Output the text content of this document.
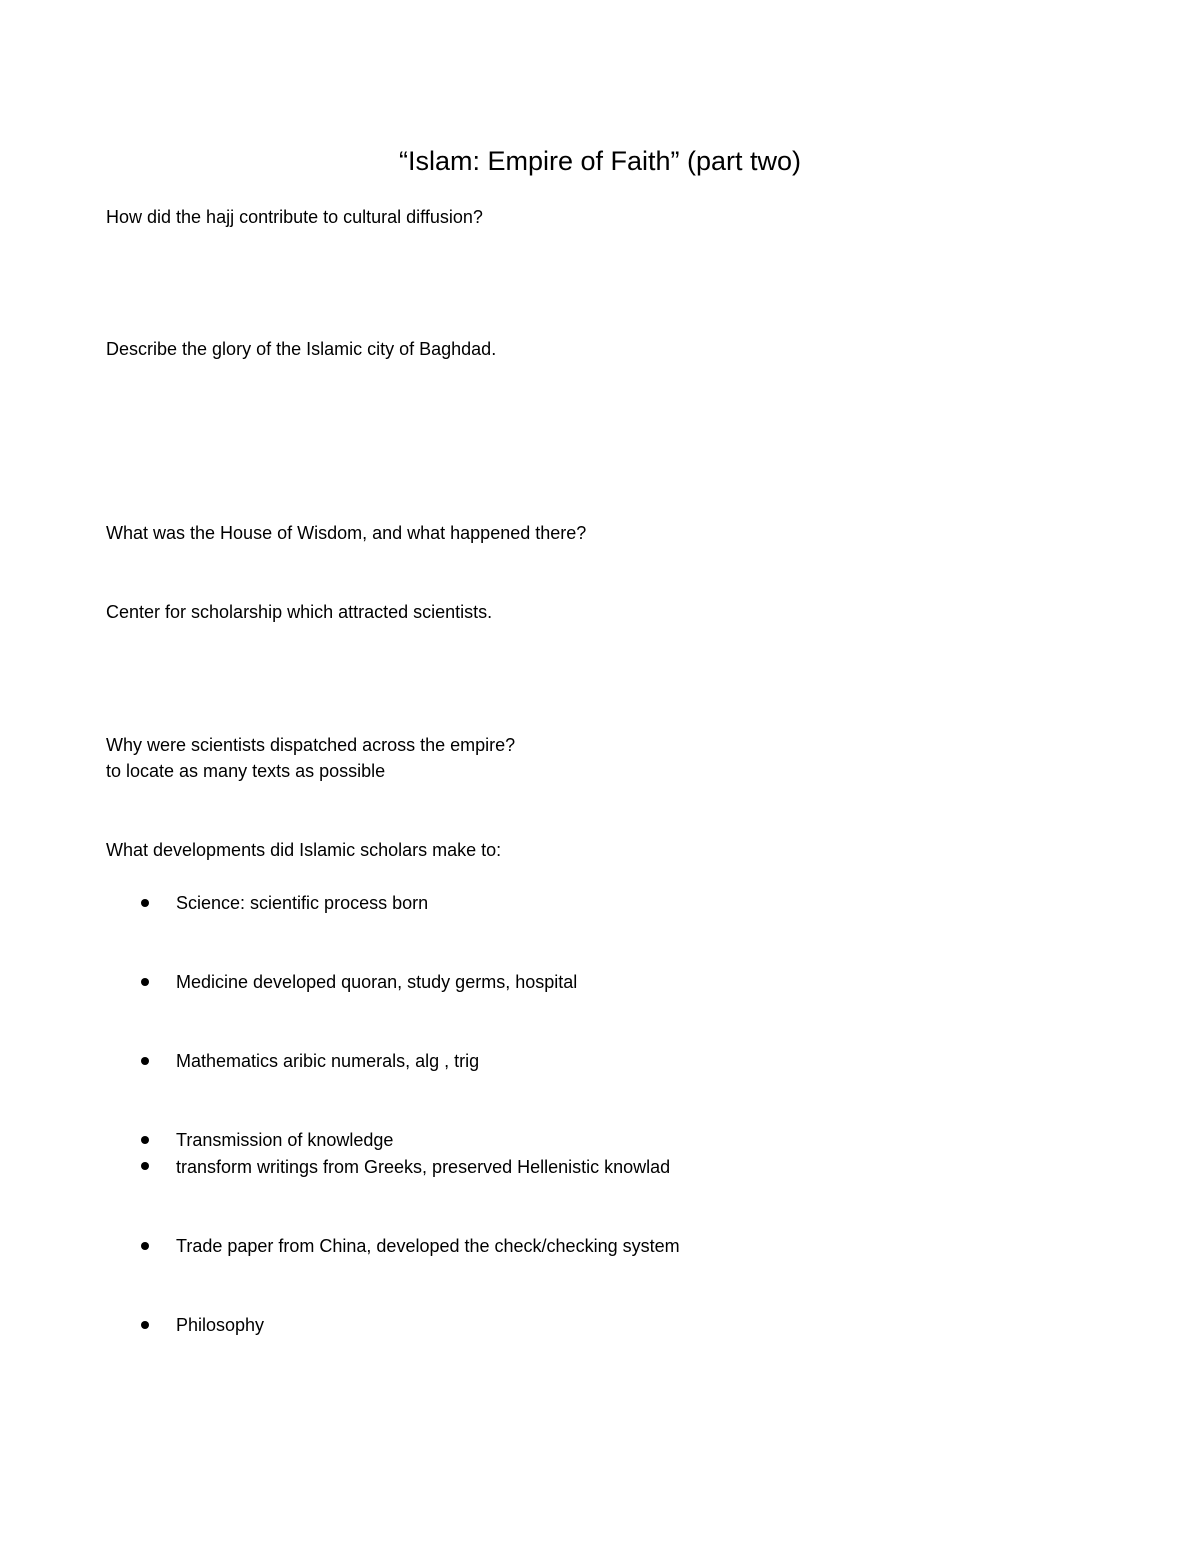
“Islam: Empire of Faith” (part two)
How did the hajj contribute to cultural diffusion?
Describe the glory of the Islamic city of Baghdad.
What was the House of Wisdom, and what happened there?
Center for scholarship which attracted scientists.
Why were scientists dispatched across the empire?
to locate as many texts as possible
What developments did Islamic scholars make to:
Science: scientific process born
Medicine developed quoran, study germs, hospital
Mathematics aribic numerals, alg , trig
Transmission of knowledge
transform writings from Greeks, preserved Hellenistic knowlad
Trade paper from China, developed the check/checking system
Philosophy
